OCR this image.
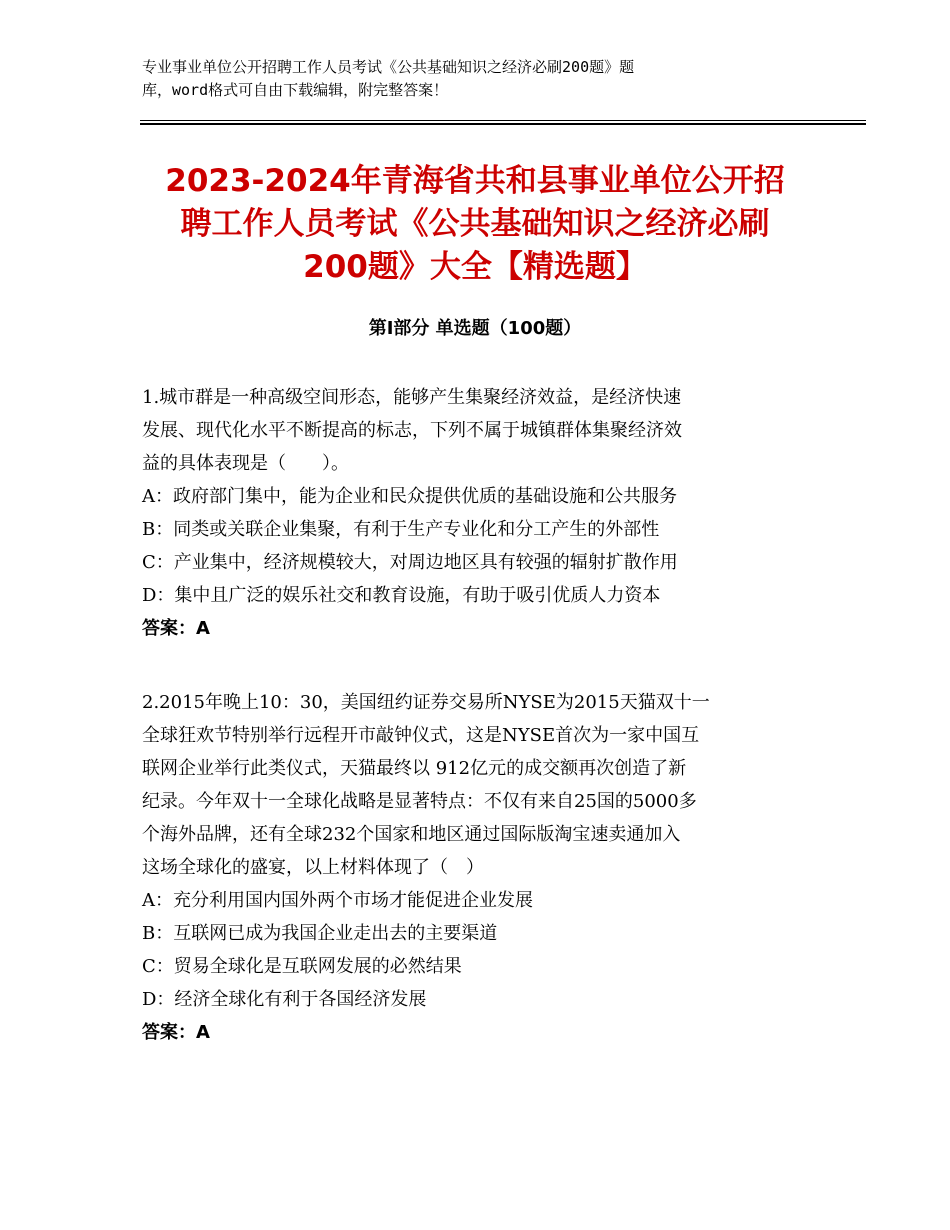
专业事业单位公开招聘工作人员考试《公共基础知识之经济必刷200题》题
库，word格式可自由下载编辑，附完整答案！
2023-2024年青海省共和县事业单位公开招
聘工作人员考试《公共基础知识之经济必刷
200题》大全【精选题】
第Ⅰ部分 单选题（100题）
1.城市群是一种高级空间形态，能够产生集聚经济效益，是经济快速
发展、现代化水平不断提高的标志，下列不属于城镇群体集聚经济效
益的具体表现是（　　）。
A：政府部门集中，能为企业和民众提供优质的基础设施和公共服务
B：同类或关联企业集聚，有利于生产专业化和分工产生的外部性
C：产业集中，经济规模较大，对周边地区具有较强的辐射扩散作用
D：集中且广泛的娱乐社交和教育设施，有助于吸引优质人力资本
答案：A
2.2015年晚上10：30，美国纽约证券交易所NYSE为2015天猫双十一
全球狂欢节特别举行远程开市敲钟仪式，这是NYSE首次为一家中国互
联网企业举行此类仪式，天猫最终以 912亿元的成交额再次创造了新
纪录。今年双十一全球化战略是显著特点：不仅有来自25国的5000多
个海外品牌，还有全球232个国家和地区通过国际版淘宝速卖通加入
这场全球化的盛宴，以上材料体现了（　）
A：充分利用国内国外两个市场才能促进企业发展
B：互联网已成为我国企业走出去的主要渠道
C：贸易全球化是互联网发展的必然结果
D：经济全球化有利于各国经济发展
答案：A
